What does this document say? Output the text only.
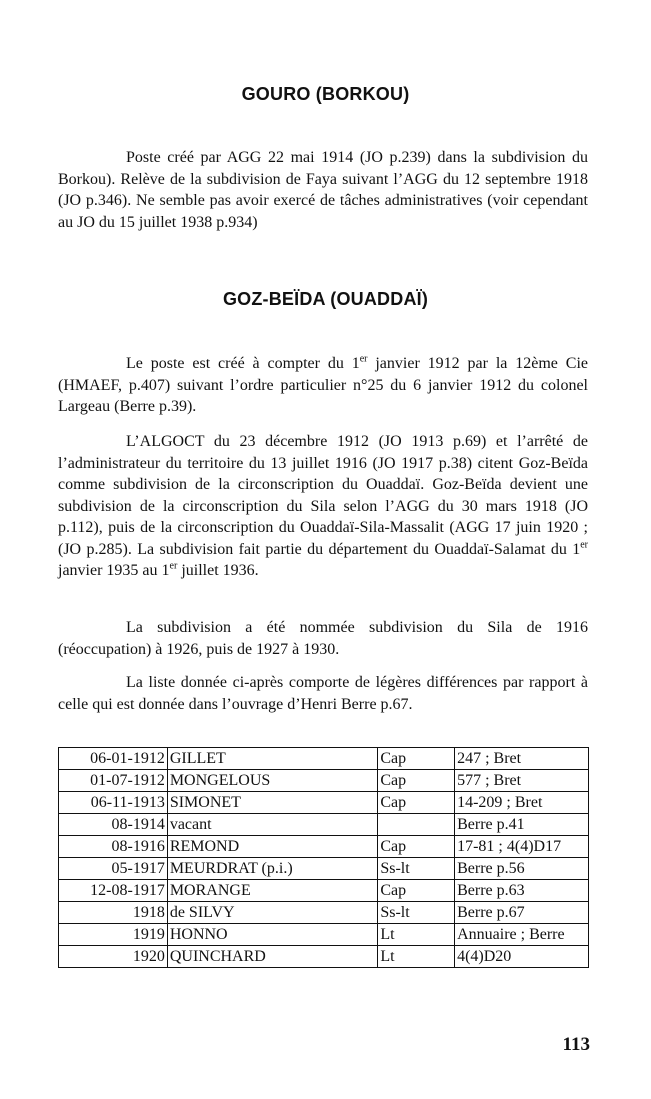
GOURO (BORKOU)

Poste créé par AGG 22 mai 1914 (JO p.239) dans la subdivision du Borkou). Relève de la subdivision de Faya suivant l’AGG du 12 septembre 1918 (JO p.346). Ne semble pas avoir exercé de tâches administratives (voir cependant au JO du 15 juillet 1938 p.934)

GOZ-BEÏDA (OUADDAÏ)

Le poste est créé à compter du 1er janvier 1912 par la 12ème Cie (HMAEF, p.407) suivant l’ordre particulier n°25 du 6 janvier 1912 du colonel Largeau (Berre p.39).

L’ALGOCT du 23 décembre 1912 (JO 1913 p.69) et l’arrêté de l’administrateur du territoire du 13 juillet 1916 (JO 1917 p.38) citent Goz-Beïda comme subdivision de la circonscription du Ouaddaï. Goz-Beïda devient une subdivision de la circonscription du Sila selon l’AGG du 30 mars 1918 (JO p.112), puis de la circonscription du Ouaddaï-Sila-Massalit (AGG 17 juin 1920 ; (JO p.285). La subdivision fait partie du département du Ouaddaï-Salamat du 1er janvier 1935 au 1er juillet 1936.

La subdivision a été nommée subdivision du Sila de 1916 (réoccupation) à 1926, puis de 1927 à 1930.

La liste donnée ci-après comporte de légères différences par rapport à celle qui est donnée dans l’ouvrage d’Henri Berre p.67.

06-01-1912	GILLET	Cap	247 ; Bret
01-07-1912	MONGELOUS	Cap	577 ; Bret
06-11-1913	SIMONET	Cap	14-209 ; Bret
08-1914	vacant		Berre p.41
08-1916	REMOND	Cap	17-81 ; 4(4)D17
05-1917	MEURDRAT (p.i.)	Ss-lt	Berre p.56
12-08-1917	MORANGE	Cap	Berre p.63
1918	de SILVY	Ss-lt	Berre p.67
1919	HONNO	Lt	Annuaire ; Berre
1920	QUINCHARD	Lt	4(4)D20
113
